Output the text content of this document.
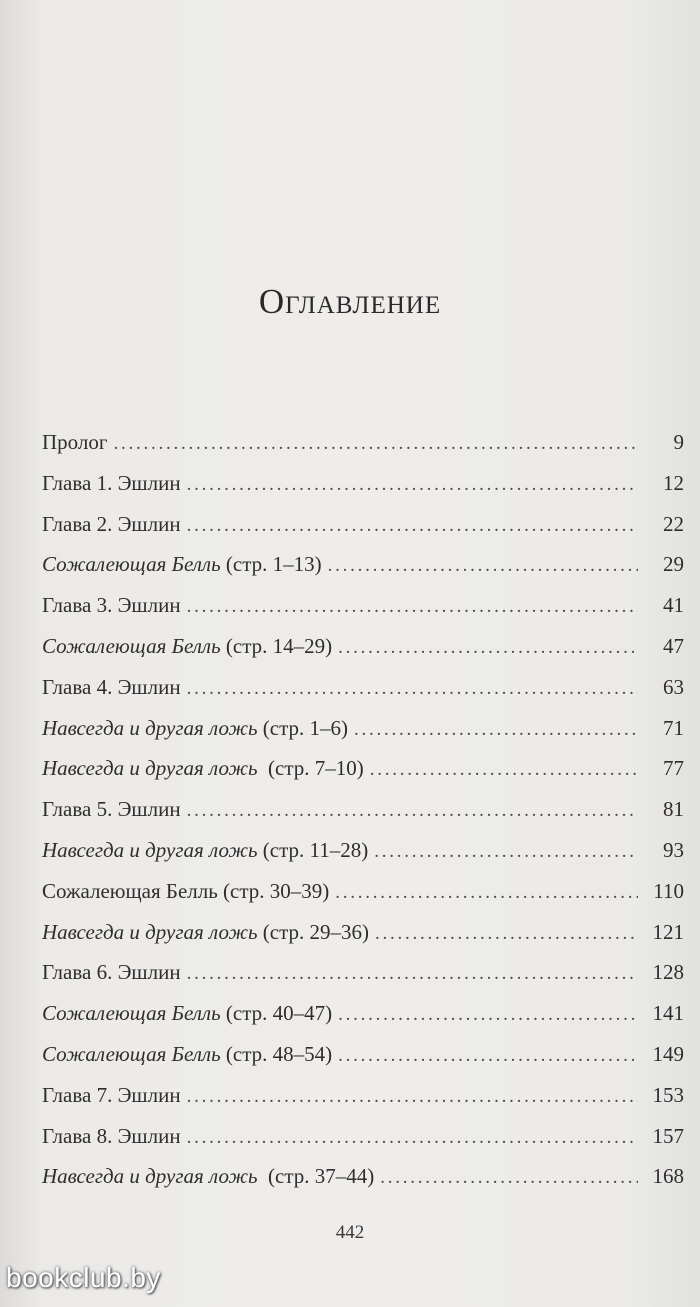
Оглавление
Пролог . . .	9
Глава 1. Эшлин . . .	12
Глава 2. Эшлин . . .	22
Сожалеющая Белль (стр. 1–13) . . .	29
Глава 3. Эшлин . . .	41
Сожалеющая Белль (стр. 14–29) . . .	47
Глава 4. Эшлин . . .	63
Навсегда и другая ложь (стр. 1–6) . . .	71
Навсегда и другая ложь  (стр. 7–10) . . .	77
Глава 5. Эшлин . . .	81
Навсегда и другая ложь (стр. 11–28) . . .	93
Сожалеющая Белль (стр. 30–39) . . .	110
Навсегда и другая ложь (стр. 29–36) . . .	121
Глава 6. Эшлин . . .	128
Сожалеющая Белль (стр. 40–47) . . .	141
Сожалеющая Белль (стр. 48–54) . . .	149
Глава 7. Эшлин . . .	153
Глава 8. Эшлин . . .	157
Навсегда и другая ложь  (стр. 37–44) . . .	168
442
bookclub.by
